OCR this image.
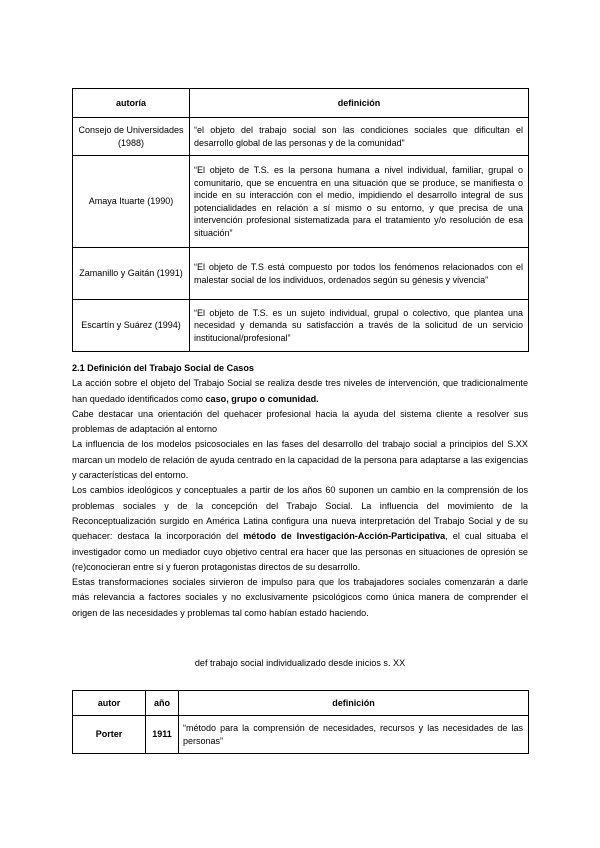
autoría	definición
Consejo de Universidades (1988)	“el objeto del trabajo social son las condiciones sociales que dificultan el desarrollo global de las personas y de la comunidad”
Amaya Ituarte (1990)	“El objeto de T.S. es la persona humana a nivel individual, familiar, grupal o comunitario, que se encuentra en una situación que se produce, se manifiesta o incide en su interacción con el medio, impidiendo el desarrollo integral de sus potencialidades en relación a sí mismo o su entorno, y que precisa de una intervención profesional sistematizada para el tratamiento y/o resolución de esa situación”
Zamanillo y Gaitán (1991)	“El objeto de T.S está compuesto por todos los fenómenos relacionados con el malestar social de los individuos, ordenados según su génesis y vivencia”
Escartín y Suárez (1994)	“El objeto de T.S. es un sujeto individual, grupal o colectivo, que plantea una necesidad y demanda su satisfacción a través de la solicitud de un servicio institucional/profesional”

2.1 Definición del Trabajo Social de Casos

La acción sobre el objeto del Trabajo Social se realiza desde tres niveles de intervención, que tradicionalmente han quedado identificados como caso, grupo o comunidad.

Cabe destacar una orientación del quehacer profesional hacia la ayuda del sistema cliente a resolver sus problemas de adaptación al entorno

La influencia de los modelos psicosociales en las fases del desarrollo del trabajo social a principios del S.XX marcan un modelo de relación de ayuda centrado en la capacidad de la persona para adaptarse a las exigencias y características del entorno.

Los cambios ideológicos y conceptuales a partir de los años 60 suponen un cambio en la comprensión de los problemas sociales y de la concepción del Trabajo Social. La influencia del movimiento de la Reconceptualización surgido en América Latina configura una nueva interpretación del Trabajo Social y de su quehacer: destaca la incorporación del método de Investigación-Acción-Participativa, el cual situaba el investigador como un mediador cuyo objetivo central era hacer que las personas en situaciones de opresión se (re)conocieran entre sí y fueron protagonistas directos de su desarrollo.

Estas transformaciones sociales sirvieron de impulso para que los trabajadores sociales comenzarán a darle más relevancia a factores sociales y no exclusivamente psicológicos como única manera de comprender el origen de las necesidades y problemas tal como habían estado haciendo.

def trabajo social individualizado desde inicios s. XX
autor	año	definición
Porter	1911	“método para la comprensión de necesidades, recursos y las necesidades de las personas”
